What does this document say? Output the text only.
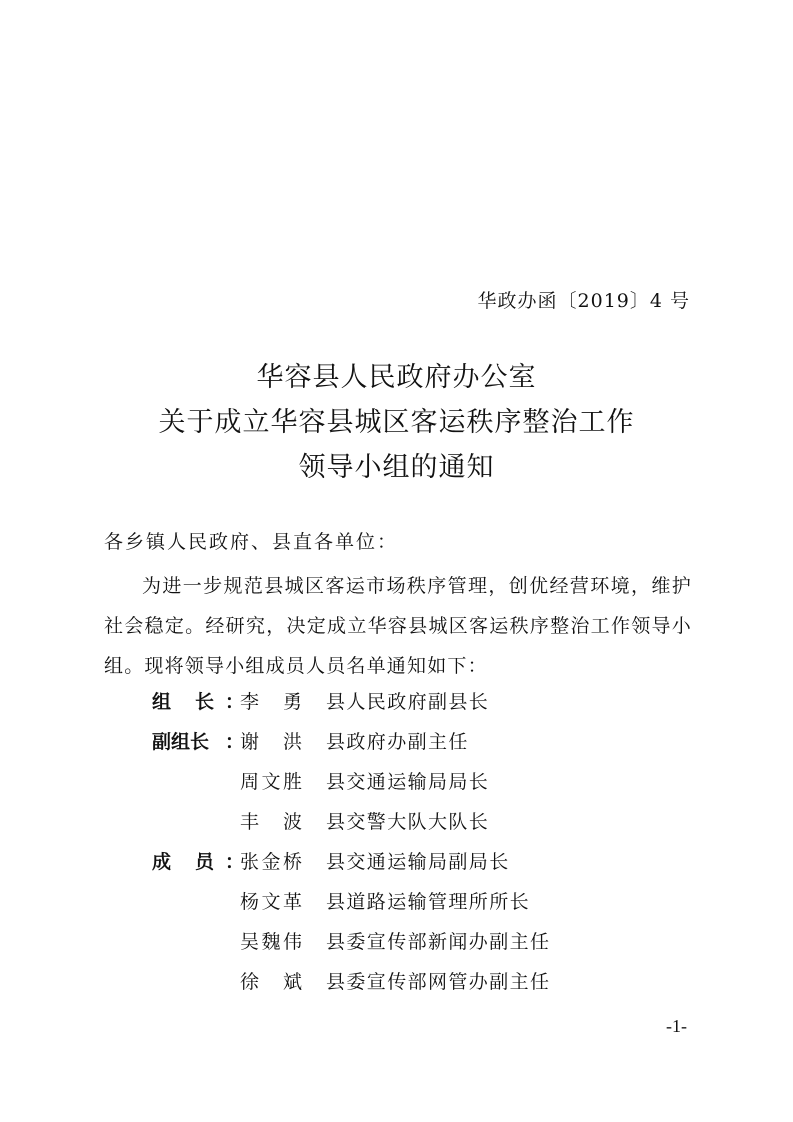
华政办函〔2019〕4 号
华容县人民政府办公室
关于成立华容县城区客运秩序整治工作
领导小组的通知
各乡镇人民政府、县直各单位：
为进一步规范县城区客运市场秩序管理，创优经营环境，维护社会稳定。经研究，决定成立华容县城区客运秩序整治工作领导小组。现将领导小组成员人员名单通知如下：
组长 ：
李勇 县人民政府副县长
副组长 ：
谢洪 县政府办副主任
周文胜 县交通运输局局长
丰波 县交警大队大队长
成员 ：
张金桥 县交通运输局副局长
杨文革 县道路运输管理所所长
吴魏伟 县委宣传部新闻办副主任
徐斌 县委宣传部网管办副主任
-1-
